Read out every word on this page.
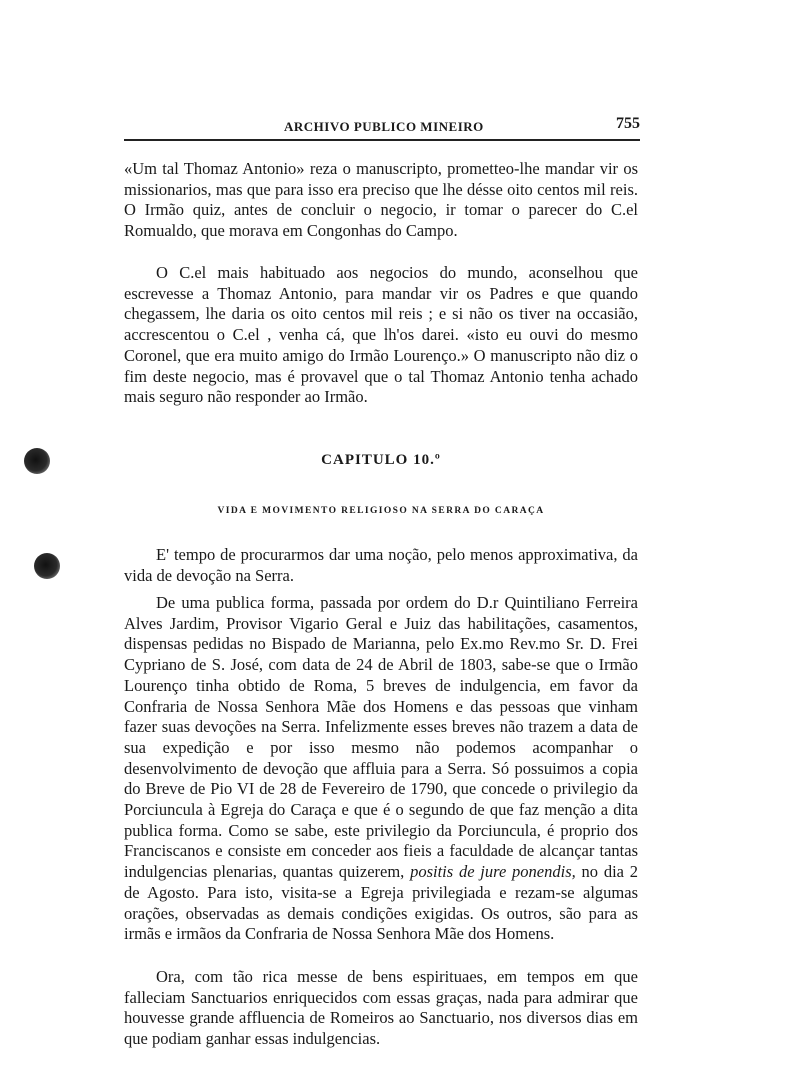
ARCHIVO PUBLICO MINEIRO	755

«Um tal Thomaz Antonio» reza o manuscripto, prometteo-lhe mandar vir os missionarios, mas que para isso era preciso que lhe désse oito centos mil reis. O Irmão quiz, antes de concluir o negocio, ir tomar o parecer do C.el Romualdo, que morava em Congonhas do Campo.

O C.el mais habituado aos negocios do mundo, aconselhou que escrevesse a Thomaz Antonio, para mandar vir os Padres e que quando chegassem, lhe daria os oito centos mil reis ; e si não os tiver na occasião, accrescentou o C.el , venha cá, que lh'os darei. «isto eu ouvi do mesmo Coronel, que era muito amigo do Irmão Lourenço.» O manuscripto não diz o fim deste negocio, mas é provavel que o tal Thomaz Antonio tenha achado mais seguro não responder ao Irmão.

CAPITULO 10.º
VIDA E MOVIMENTO RELIGIOSO NA SERRA DO CARAÇA

E' tempo de procurarmos dar uma noção, pelo menos approximativa, da vida de devoção na Serra.

De uma publica forma, passada por ordem do D.r Quintiliano Ferreira Alves Jardim, Provisor Vigario Geral e Juiz das habilitações, casamentos, dispensas pedidas no Bispado de Marianna, pelo Ex.mo Rev.mo Sr. D. Frei Cypriano de S. José, com data de 24 de Abril de 1803, sabe-se que o Irmão Lourenço tinha obtido de Roma, 5 breves de indulgencia, em favor da Confraria de Nossa Senhora Mãe dos Homens e das pessoas que vinham fazer suas devoções na Serra. Infelizmente esses breves não trazem a data de sua expedição e por isso mesmo não podemos acompanhar o desenvolvimento de devoção que affluia para a Serra. Só possuimos a copia do Breve de Pio VI de 28 de Fevereiro de 1790, que concede o privilegio da Porciuncula à Egreja do Caraça e que é o segundo de que faz menção a dita publica forma. Como se sabe, este privilegio da Porciuncula, é proprio dos Franciscanos e consiste em conceder aos fieis a faculdade de alcançar tantas indulgencias plenarias, quantas quizerem, positis de jure ponendis, no dia 2 de Agosto. Para isto, visita-se a Egreja privilegiada e rezam-se algumas orações, observadas as demais condições exigidas. Os outros, são para as irmãs e irmãos da Confraria de Nossa Senhora Mãe dos Homens.

Ora, com tão rica messe de bens espirituaes, em tempos em que falleciam Sanctuarios enriquecidos com essas graças, nada para admirar que houvesse grande affluencia de Romeiros ao Sanctuario, nos diversos dias em que podiam ganhar essas indulgencias.
